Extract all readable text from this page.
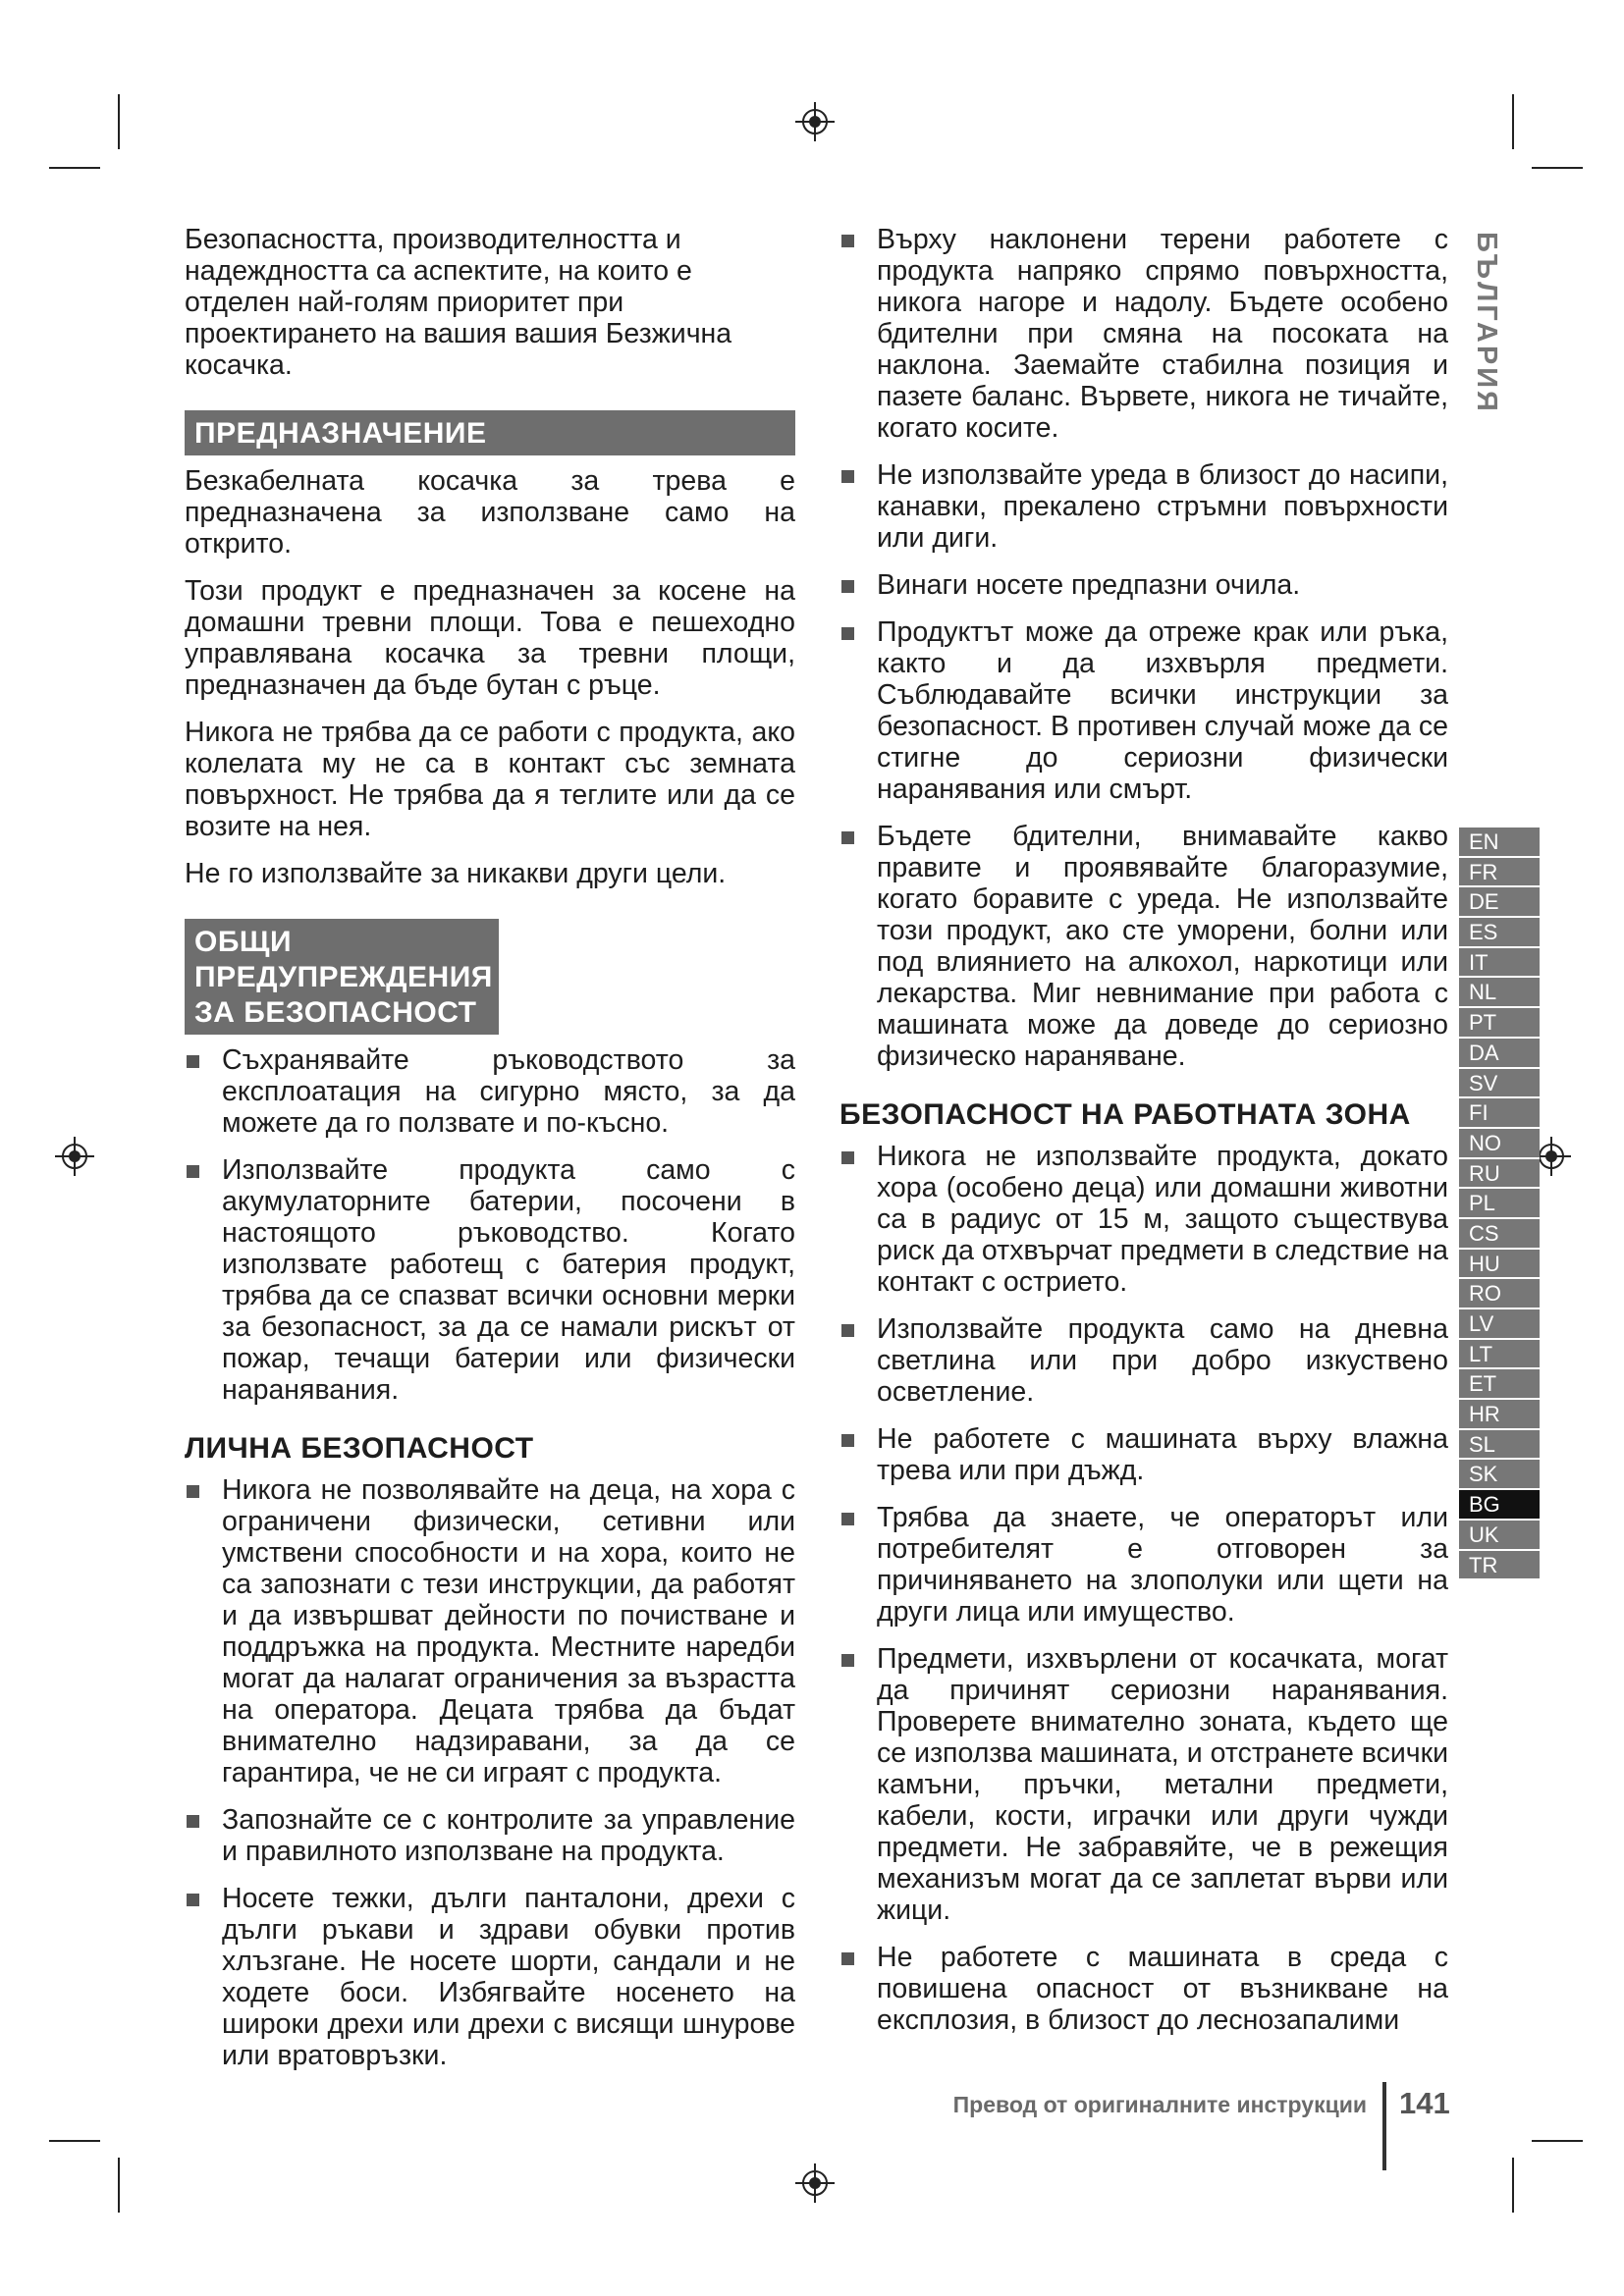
Безопасността, производителността и надеждността са аспектите, на които е отделен най-голям приоритет при проектирането на вашия вашия Безжична косачка.

ПРЕДНАЗНАЧЕНИЕ

Безкабелната косачка за трева е предназначена за използване само на открито.

Този продукт е предназначен за косене на домашни тревни площи. Това е пешеходно управлявана косачка за тревни площи, предназначен да бъде бутан с ръце.

Никога не трябва да се работи с продукта, ако колелата му не са в контакт със земната повърхност. Не трябва да я теглите или да се возите на нея.

Не го използвайте за никакви други цели.

ОБЩИ ПРЕДУПРЕЖДЕНИЯ ЗА БЕЗОПАСНОСТ
Съхранявайте ръководството за експлоатация на сигурно място, за да можете да го ползвате и по-късно.
Използвайте продукта само с акумулаторните батерии, посочени в настоящото ръководство. Когато използвате работещ с батерия продукт, трябва да се спазват всички основни мерки за безопасност, за да се намали рискът от пожар, течащи батерии или физически наранявания.
ЛИЧНА БЕЗОПАСНОСТ
Никога не позволявайте на деца, на хора с ограничени физически, сетивни или умствени способности и на хора, които не са запознати с тези инструкции, да работят и да извършват дейности по почистване и поддръжка на продукта. Местните наредби могат да налагат ограничения за възрастта на оператора. Децата трябва да бъдат внимателно надзиравани, за да се гарантира, че не си играят с продукта.
Запознайте се с контролите за управление и правилното използване на продукта.
Носете тежки, дълги панталони, дрехи с дълги ръкави и здрави обувки против хлъзгане. Не носете шорти, сандали и не ходете боси. Избягвайте носенето на широки дрехи или дрехи с висящи шнурове или вратовръзки.
Върху наклонени терени работете с продукта напряко спрямо повърхността, никога нагоре и надолу. Бъдете особено бдителни при смяна на посоката на наклона. Заемайте стабилна позиция и пазете баланс. Вървете, никога не тичайте, когато косите.
Не използвайте уреда в близост до насипи, канавки, прекалено стръмни повърхности или диги.
Винаги носете предпазни очила.
Продуктът може да отреже крак или ръка, както и да изхвърля предмети. Съблюдавайте всички инструкции за безопасност. В противен случай може да се стигне до сериозни физически наранявания или смърт.
Бъдете бдителни, внимавайте какво правите и проявявайте благоразумие, когато боравите с уреда. Не използвайте този продукт, ако сте уморени, болни или под влиянието на алкохол, наркотици или лекарства. Миг невнимание при работа с машината може да доведе до сериозно физическо нараняване.
БЕЗОПАСНОСТ НА РАБОТНАТА ЗОНА
Никога не използвайте продукта, докато хора (особено деца) или домашни животни са в радиус от 15 м, защото съществува риск да отхвърчат предмети в следствие на контакт с острието.
Използвайте продукта само на дневна светлина или при добро изкуствено осветление.
Не работете с машината върху влажна трева или при дъжд.
Трябва да знаете, че операторът или потребителят е отговорен за причиняването на злополуки или щети на други лица или имущество.
Предмети, изхвърлени от косачката, могат да причинят сериозни наранявания. Проверете внимателно зоната, където ще се използва машината, и отстранете всички камъни, пръчки, метални предмети, кабели, кости, играчки или други чужди предмети. Не забравяйте, че в режещия механизъм могат да се заплетат върви или жици.
Не работете с машината в среда с повишена опасност от възникване на експлозия, в близост до леснозапалими
БЪЛГАРИЯ
EN
FR
DE
ES
IT
NL
PT
DA
SV
FI
NO
RU
PL
CS
HU
RO
LV
LT
ET
HR
SL
SK
BG
UK
TR
Превод от оригиналните инструкции 141
